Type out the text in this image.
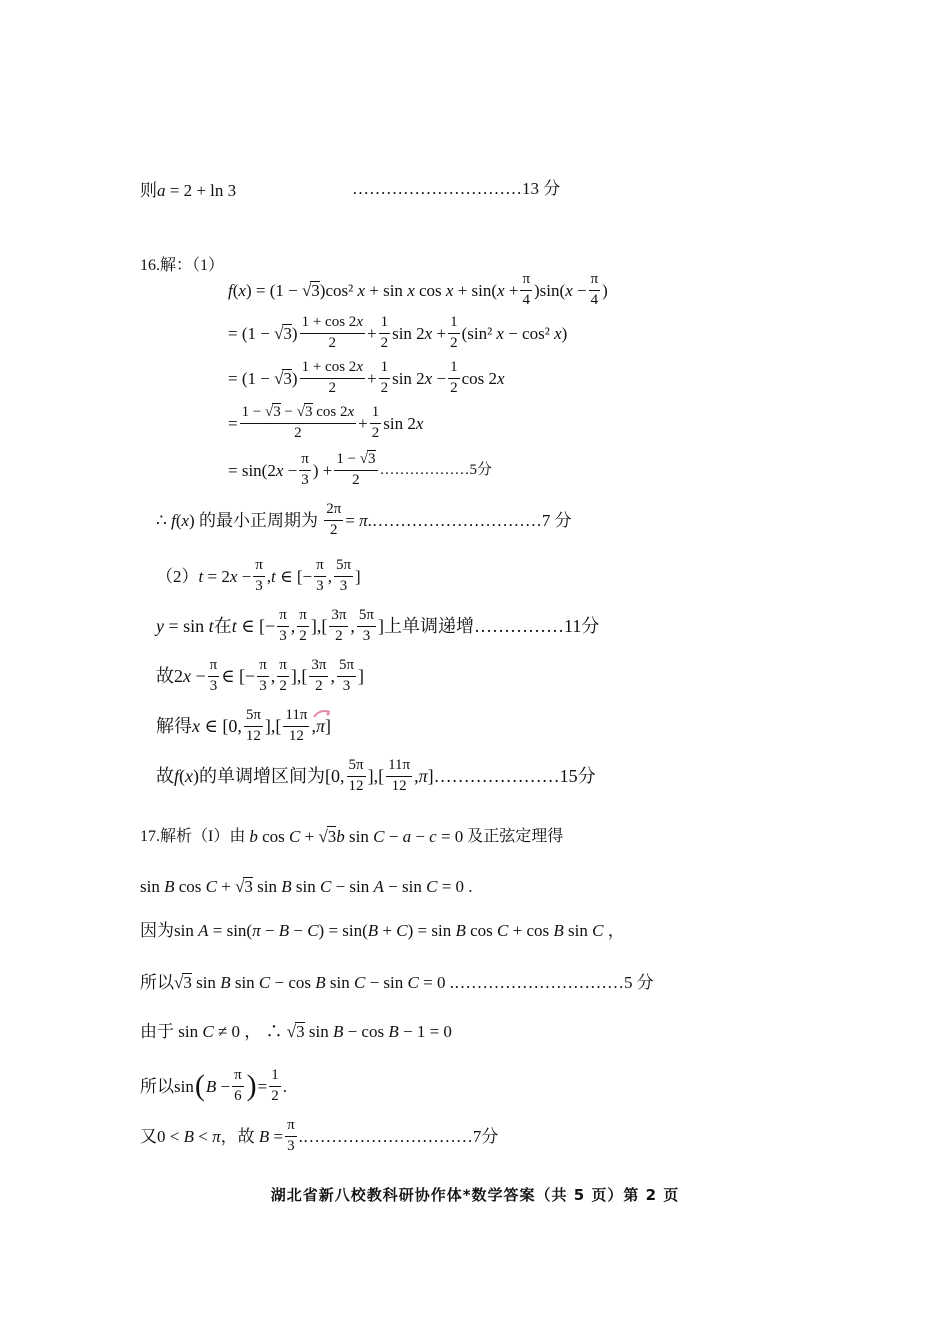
则 a = 2 + ln 3	…………………………13 分
16.解：（1）
f ( x ) = (1 − √ 3 )cos² x + sin x cos x + sin( x +
π
4 )sin( x −
π
4 )
= (1 − √ 3 )
1 + cos 2x
2 +
1
2 sin 2 x +
1
2 (sin² x − cos² x )
= (1 − √ 3 )
1 + cos 2x
2 +
1
2 sin 2 x −
1
2 cos 2 x
=
1 − √3 − √3 cos 2x
2	+
1
2 sin 2 x
= sin(2 x −
π
3 ) +
1 − √3
2
………………5分
∴ f ( x ) 的最小正周期为

2π
2 = π . …………………………7 分
（2） t = 2 x −
π
3 , t ∈ [−
π
3 ,
5π
3 ]
y = sin t 在 t ∈ [−
π
3 ,
π
2 ],[
3π
2 ,
5π
3 ] 上单调递增 ……………11分
故 2 x −
π
3 ∈ [−
π
3 ,
π
2 ],[
3π
2 ,
5π
3 ]
解得 x ∈ [0,
5π
12 ],[
11π
12 , π ]
故 f ( x ) 的单调增区间为 [0,
5π
12 ],[
11π
12 , π ] …………………15分
17.解析（I）由
b cos C + √3b sin C − a − c = 0
及正弦定理得
sin B cos C + √ 3 sin B sin C − sin A − sin C = 0 .
因为 sin A = sin( π − B − C ) = sin( B + C ) = sin B cos C + cos B sin C ，
所以 √ 3 sin B sin C − cos B sin C − sin C = 0 . …………………………5 分
由于 sin C ≠ 0 ， ∴ √ 3 sin B − cos B − 1 = 0
所以 sin ( B −
π
6 ) =
1
2 .
又 0 < B < π ，故
B =
π
3 . …………………………7分
湖北省新八校教科研协作体*数学答案（共 5 页）第 2 页
